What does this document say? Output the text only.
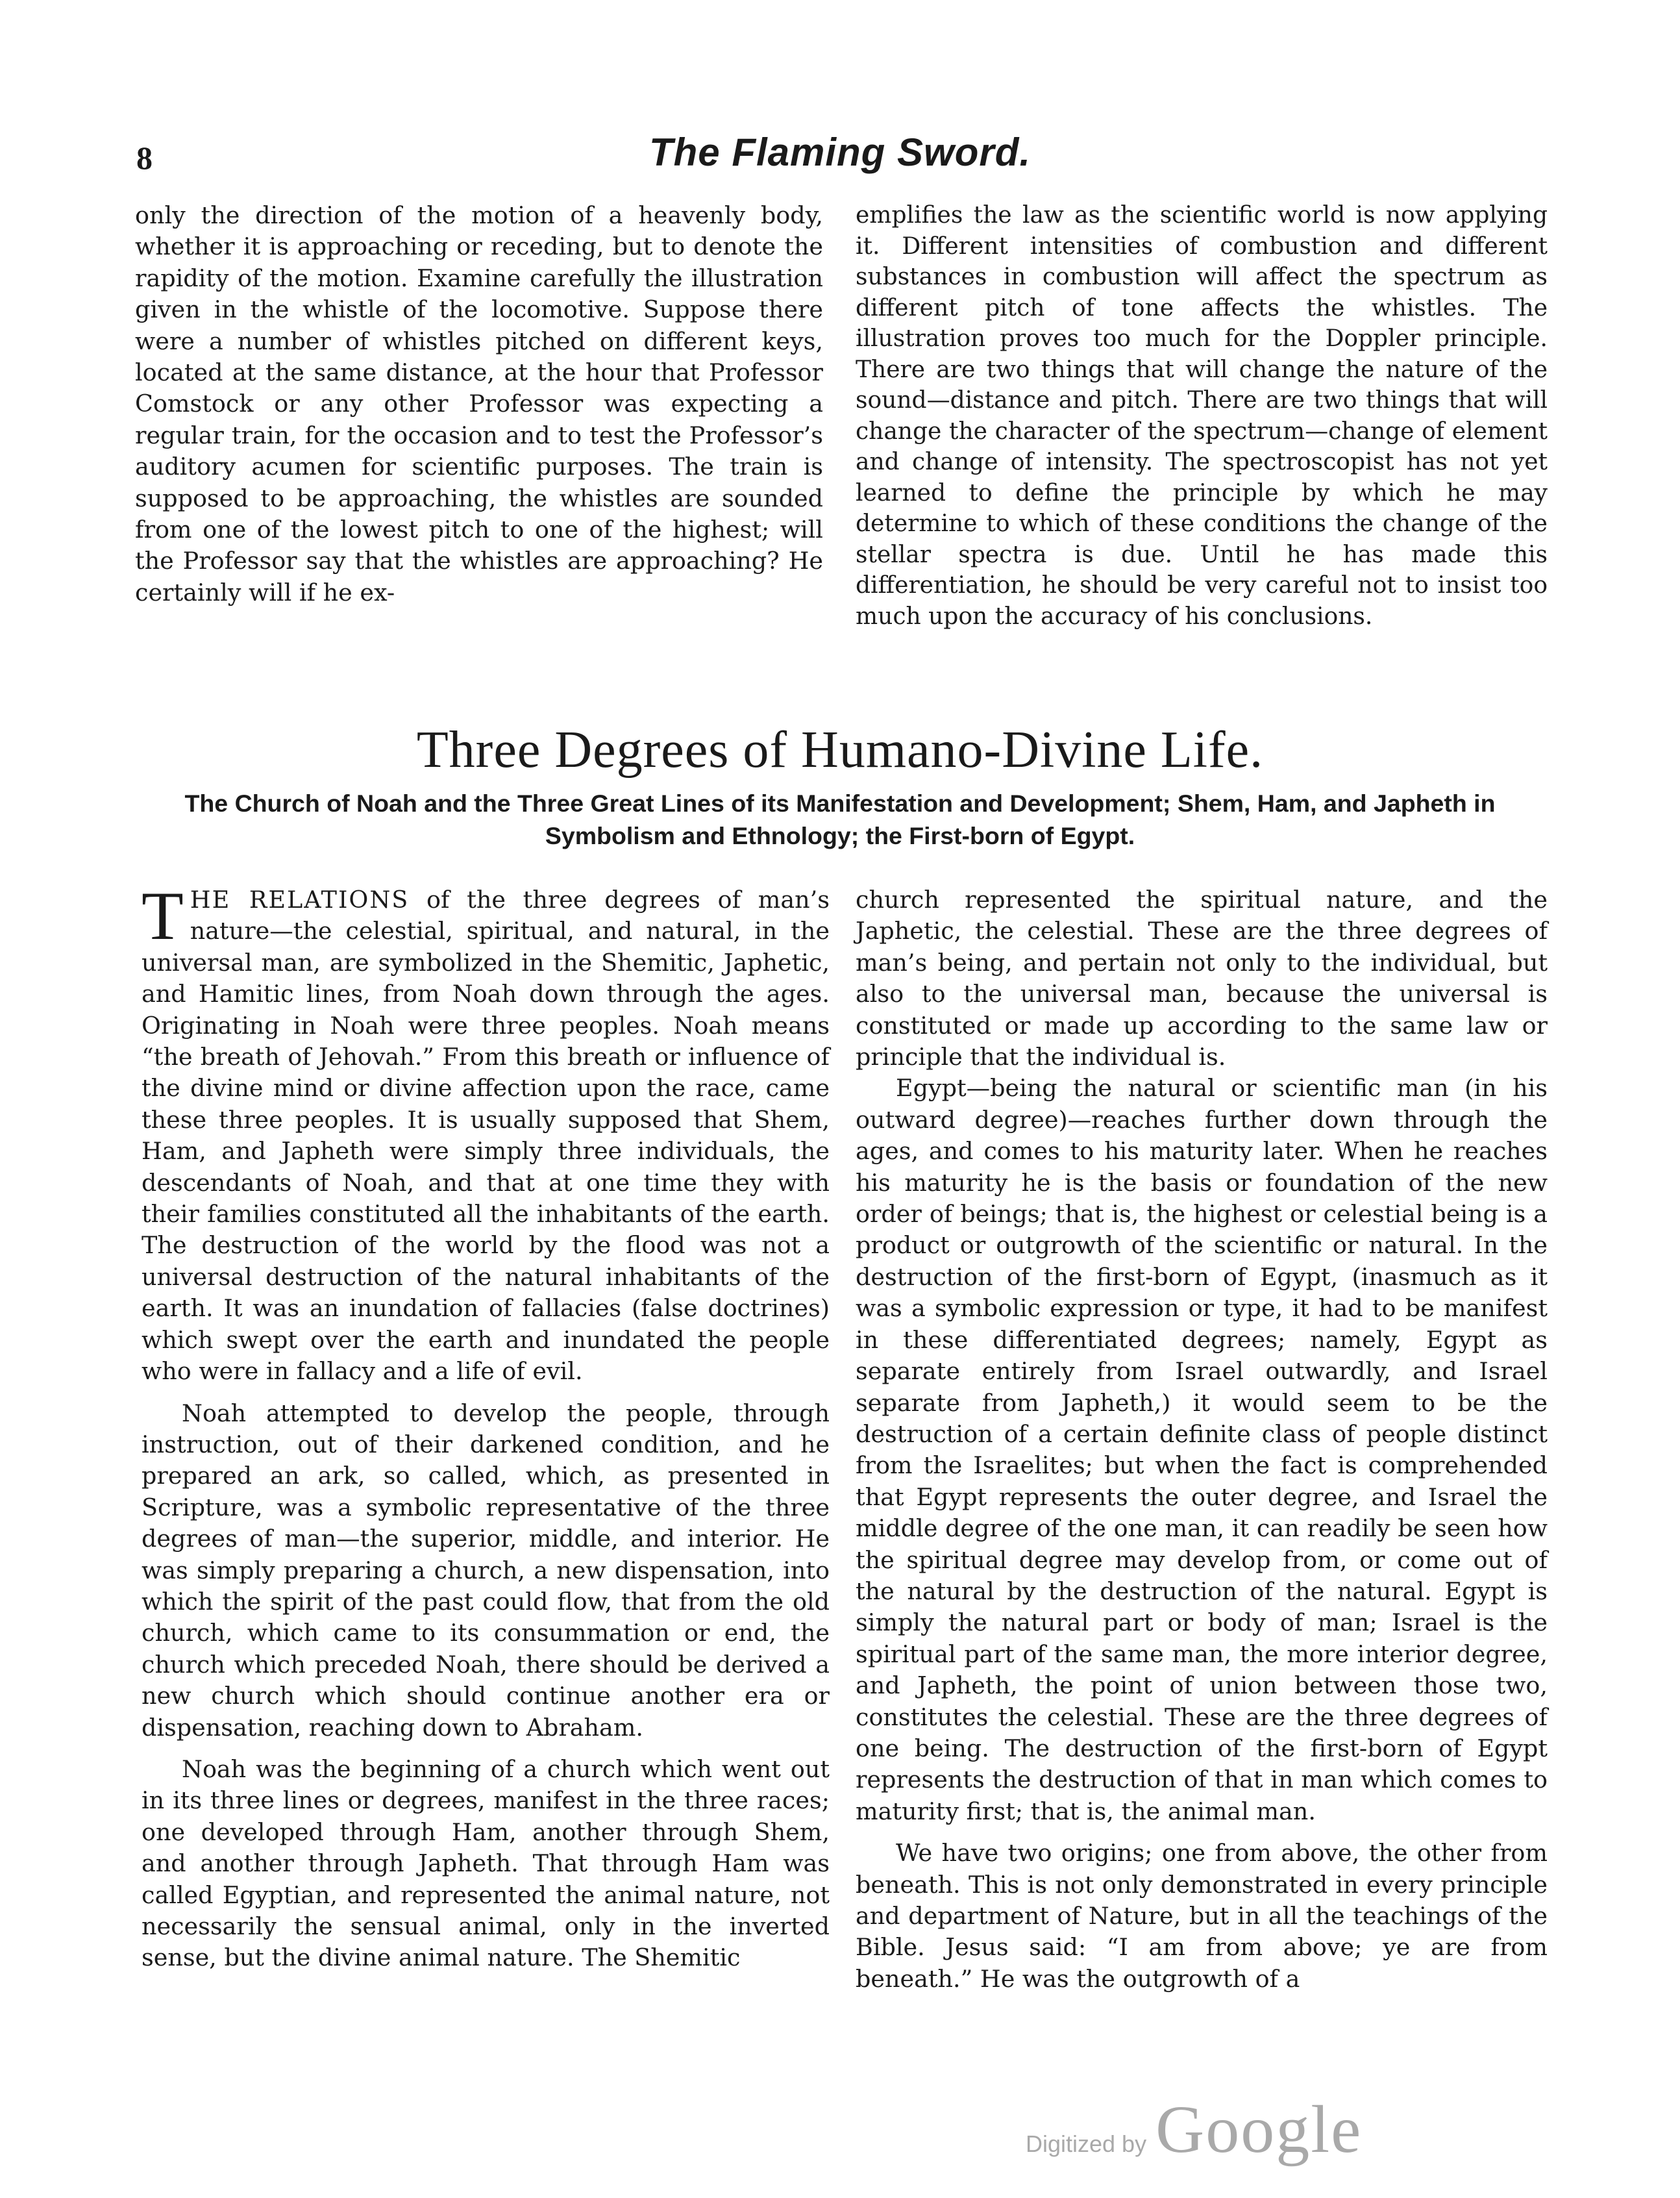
8	The Flaming Sword.

only the direction of the motion of a heavenly body, whether it is approaching or receding, but to denote the rapidity of the motion. Examine carefully the illustration given in the whistle of the locomotive. Suppose there were a number of whistles pitched on different keys, located at the same distance, at the hour that Professor Comstock or any other Professor was expecting a regular train, for the occasion and to test the Professor’s auditory acumen for scientific purposes. The train is supposed to be approaching, the whistles are sounded from one of the lowest pitch to one of the highest; will the Professor say that the whistles are approaching? He certainly will if he ex-

emplifies the law as the scientific world is now applying it. Different intensities of combustion and different substances in combustion will affect the spectrum as different pitch of tone affects the whistles. The illustration proves too much for the Doppler principle. There are two things that will change the nature of the sound—distance and pitch. There are two things that will change the character of the spectrum—change of element and change of intensity. The spectroscopist has not yet learned to define the principle by which he may determine to which of these conditions the change of the stellar spectra is due. Until he has made this differentiation, he should be very careful not to insist too much upon the accuracy of his conclusions.

Three Degrees of Humano-Divine Life.
The Church of Noah and the Three Great Lines of its Manifestation and Development; Shem, Ham, and Japheth in Symbolism and Ethnology; the First-born of Egypt.

THE RELATIONS of the three degrees of man’s nature—the celestial, spiritual, and natural, in the universal man, are symbolized in the Shemitic, Japhetic, and Hamitic lines, from Noah down through the ages. Originating in Noah were three peoples. Noah means “the breath of Jehovah.” From this breath or influence of the divine mind or divine affection upon the race, came these three peoples. It is usually supposed that Shem, Ham, and Japheth were simply three individuals, the descendants of Noah, and that at one time they with their families constituted all the inhabitants of the earth. The destruction of the world by the flood was not a universal destruction of the natural inhabitants of the earth. It was an inundation of fallacies (false doctrines) which swept over the earth and inundated the people who were in fallacy and a life of evil.

Noah attempted to develop the people, through instruction, out of their darkened condition, and he prepared an ark, so called, which, as presented in Scripture, was a symbolic representative of the three degrees of man—the superior, middle, and interior. He was simply preparing a church, a new dispensation, into which the spirit of the past could flow, that from the old church, which came to its consummation or end, the church which preceded Noah, there should be derived a new church which should continue another era or dispensation, reaching down to Abraham.

Noah was the beginning of a church which went out in its three lines or degrees, manifest in the three races; one developed through Ham, another through Shem, and another through Japheth. That through Ham was called Egyptian, and represented the animal nature, not necessarily the sensual animal, only in the inverted sense, but the divine animal nature. The Shemitic

church represented the spiritual nature, and the Japhetic, the celestial. These are the three degrees of man’s being, and pertain not only to the individual, but also to the universal man, because the universal is constituted or made up according to the same law or principle that the individual is.

Egypt—being the natural or scientific man (in his outward degree)—reaches further down through the ages, and comes to his maturity later. When he reaches his maturity he is the basis or foundation of the new order of beings; that is, the highest or celestial being is a product or outgrowth of the scientific or natural. In the destruction of the first-born of Egypt, (inasmuch as it was a symbolic expression or type, it had to be manifest in these differentiated degrees; namely, Egypt as separate entirely from Israel outwardly, and Israel separate from Japheth,) it would seem to be the destruction of a certain definite class of people distinct from the Israelites; but when the fact is comprehended that Egypt represents the outer degree, and Israel the middle degree of the one man, it can readily be seen how the spiritual degree may develop from, or come out of the natural by the destruction of the natural. Egypt is simply the natural part or body of man; Israel is the spiritual part of the same man, the more interior degree, and Japheth, the point of union between those two, constitutes the celestial. These are the three degrees of one being. The destruction of the first-born of Egypt represents the destruction of that in man which comes to maturity first; that is, the animal man.

We have two origins; one from above, the other from beneath. This is not only demonstrated in every principle and department of Nature, but in all the teachings of the Bible. Jesus said: “I am from above; ye are from beneath.” He was the outgrowth of a

Digitized by Google
